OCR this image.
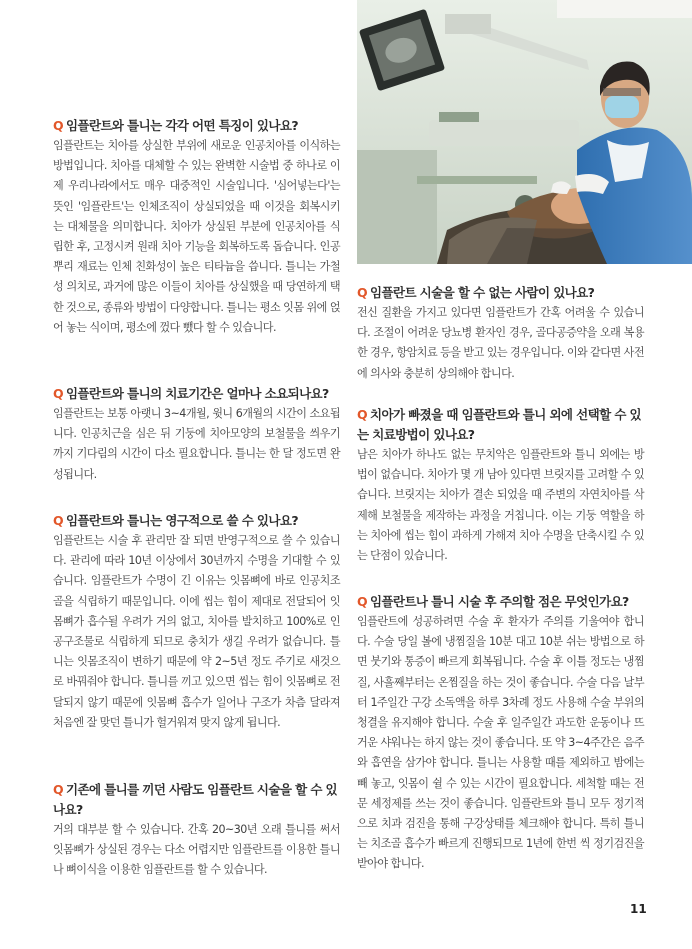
Q 임플란트와 틀니는 각각 어떤 특징이 있나요?

임플란트는 치아를 상실한 부위에 새로운 인공치아를 이식하는 방법입니다. 치아를 대체할 수 있는 완벽한 시술법 중 하나로 이제 우리나라에서도 매우 대중적인 시술입니다. '심어넣는다'는 뜻인 '임플란트'는 인체조직이 상실되었을 때 이것을 회복시키는 대체물을 의미합니다. 치아가 상실된 부분에 인공치아를 식립한 후, 고정시켜 원래 치아 기능을 회복하도록 돕습니다. 인공뿌리 재료는 인체 친화성이 높은 티타늄을 씁니다. 틀니는 가철성 의치로, 과거에 많은 이들이 치아를 상실했을 때 당연하게 택한 것으로, 종류와 방법이 다양합니다. 틀니는 평소 잇몸 위에 얹어 놓는 식이며, 평소에 껐다 뺐다 할 수 있습니다.

Q 임플란트와 틀니의 치료기간은 얼마나 소요되나요?

임플란트는 보통 아랫니 3~4개월, 윗니 6개월의 시간이 소요됩니다. 인공치근을 심은 뒤 기둥에 치아모양의 보철물을 씌우기까지 기다림의 시간이 다소 필요합니다. 틀니는 한 달 정도면 완성됩니다.

Q 임플란트와 틀니는 영구적으로 쓸 수 있나요?

임플란트는 시술 후 관리만 잘 되면 반영구적으로 쓸 수 있습니다. 관리에 따라 10년 이상에서 30년까지 수명을 기대할 수 있습니다. 임플란트가 수명이 긴 이유는 잇몸뼈에 바로 인공치조골을 식립하기 때문입니다. 이에 씹는 힘이 제대로 전달되어 잇몸뼈가 흡수될 우려가 거의 없고, 치아를 발치하고 100%로 인공구조물로 식립하게 되므로 충치가 생길 우려가 없습니다. 틀니는 잇몸조직이 변하기 때문에 약 2~5년 정도 주기로 새것으로 바꿔줘야 합니다. 틀니를 끼고 있으면 씹는 힘이 잇몸뼈로 전달되지 않기 때문에 잇몸뼈 흡수가 일어나 구조가 차츰 달라져 처음엔 잘 맞던 틀니가 헐거워져 맞지 않게 됩니다.

Q 기존에 틀니를 끼던 사람도 임플란트 시술을 할 수 있나요?

거의 대부분 할 수 있습니다. 간혹 20~30년 오래 틀니를 써서 잇몸뼈가 상실된 경우는 다소 어렵지만 임플란트를 이용한 틀니나 뼈이식을 이용한 임플란트를 할 수 있습니다.

Q 임플란트 시술을 할 수 없는 사람이 있나요?

전신 질환을 가지고 있다면 임플란트가 간혹 어려울 수 있습니다. 조절이 어려운 당뇨병 환자인 경우, 골다공증약을 오래 복용한 경우, 항암치료 등을 받고 있는 경우입니다. 이와 같다면 사전에 의사와 충분히 상의해야 합니다.

Q 치아가 빠졌을 때 임플란트와 틀니 외에 선택할 수 있는 치료방법이 있나요?

남은 치아가 하나도 없는 무치악은 임플란트와 틀니 외에는 방법이 없습니다. 치아가 몇 개 남아 있다면 브릿지를 고려할 수 있습니다. 브릿지는 치아가 결손 되었을 때 주변의 자연치아를 삭제해 보철물을 제작하는 과정을 거칩니다. 이는 기둥 역할을 하는 치아에 씹는 힘이 과하게 가해져 치아 수명을 단축시킬 수 있는 단점이 있습니다.

Q 임플란트나 틀니 시술 후 주의할 점은 무엇인가요?

임플란트에 성공하려면 수술 후 환자가 주의를 기울여야 합니다. 수술 당일 볼에 냉찜질을 10분 대고 10분 쉬는 방법으로 하면 붓기와 통증이 빠르게 회복됩니다. 수술 후 이틀 정도는 냉찜질, 사흘째부터는 온찜질을 하는 것이 좋습니다. 수술 다음 날부터 1주일간 구강 소독액을 하루 3차례 정도 사용해 수술 부위의 청결을 유지해야 합니다. 수술 후 일주일간 과도한 운동이나 뜨거운 샤워나는 하지 않는 것이 좋습니다. 또 약 3~4주간은 음주와 흡연을 삼가야 합니다. 틀니는 사용할 때를 제외하고 밤에는 빼 놓고, 잇몸이 쉴 수 있는 시간이 필요합니다. 세척할 때는 전문 세정제를 쓰는 것이 좋습니다. 임플란트와 틀니 모두 정기적으로 치과 검진을 통해 구강상태를 체크해야 합니다. 특히 틀니는 치조골 흡수가 빠르게 진행되므로 1년에 한번 씩 정기검진을 받아야 합니다.

11
